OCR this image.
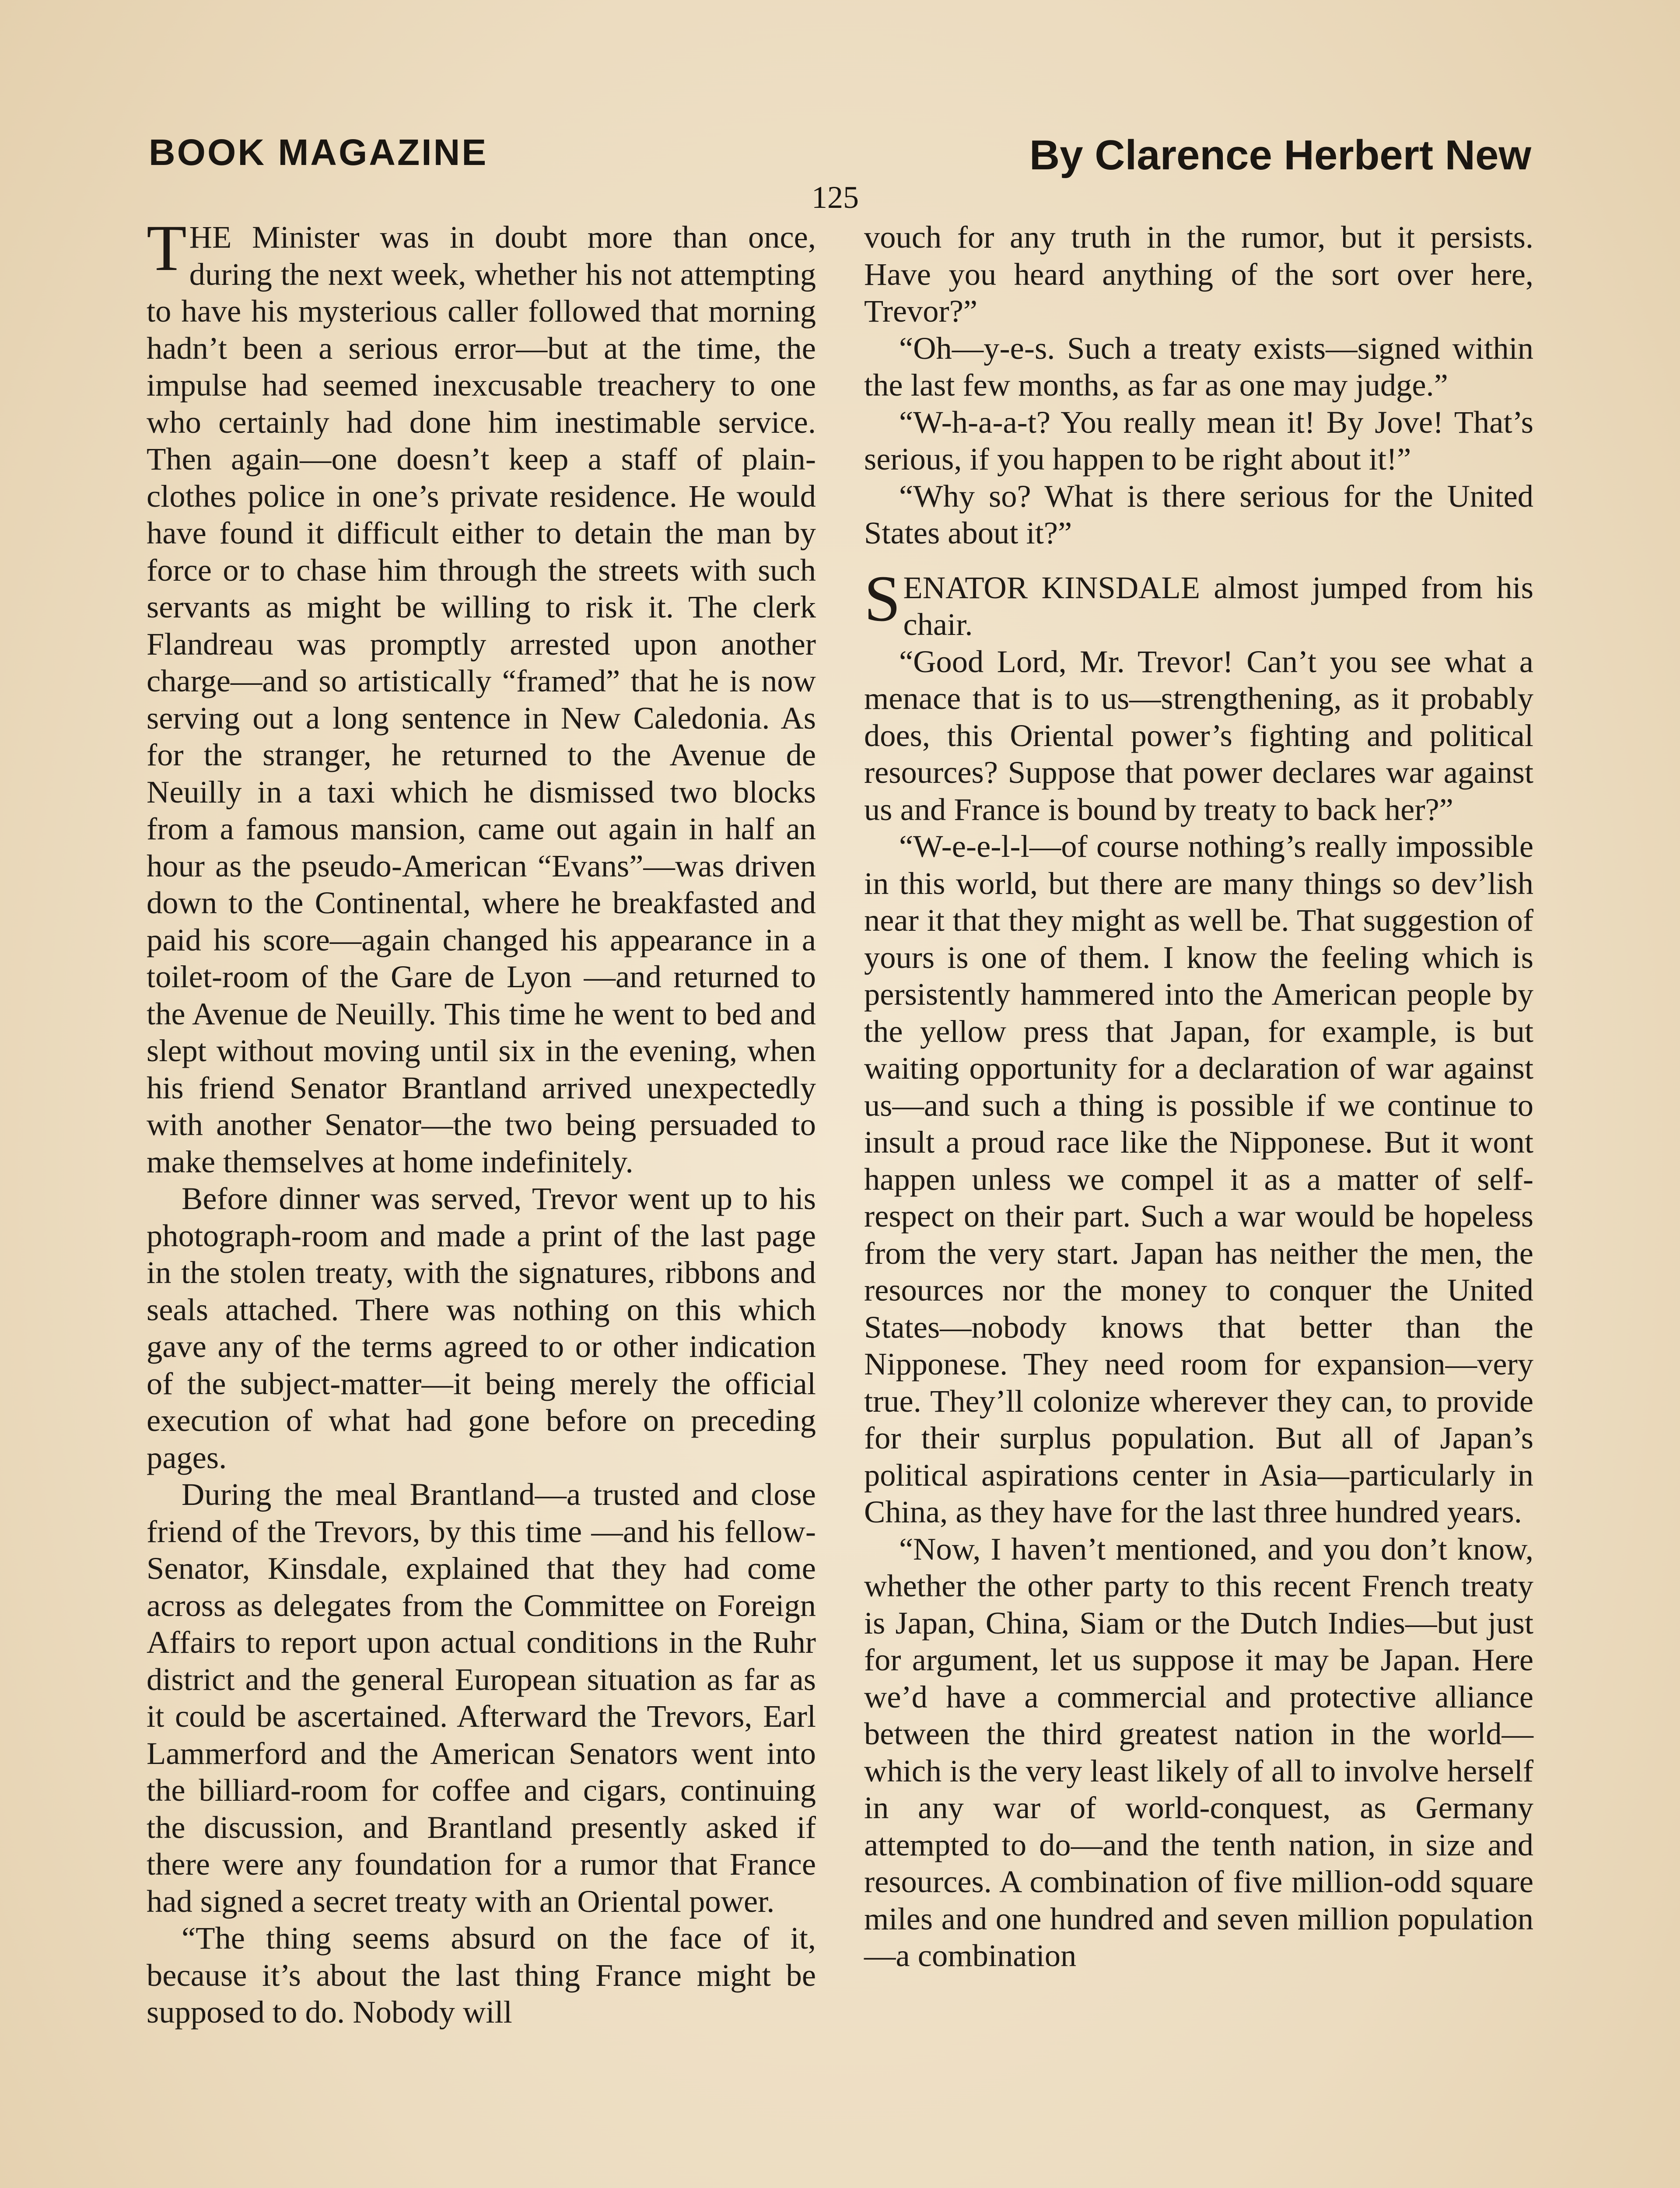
BOOK MAGAZINE	By Clarence Herbert New
125

THE Minister was in doubt more than once, during the next week, whether his not attempting to have his mysterious caller followed that morning hadn’t been a serious error—but at the time, the impulse had seemed inexcusable treachery to one who certainly had done him inestimable service. Then again—one doesn’t keep a staff of plain-clothes police in one’s private residence. He would have found it difficult either to detain the man by force or to chase him through the streets with such servants as might be willing to risk it. The clerk Flandreau was promptly arrested upon another charge—and so artistically “framed” that he is now serving out a long sentence in New Caledonia. As for the stranger, he returned to the Avenue de Neuilly in a taxi which he dismissed two blocks from a famous mansion, came out again in half an hour as the pseudo-American “Evans”—was driven down to the Continental, where he breakfasted and paid his score—again changed his appearance in a toilet-room of the Gare de Lyon —and returned to the Avenue de Neuilly. This time he went to bed and slept without moving until six in the evening, when his friend Senator Brantland arrived unexpectedly with another Senator—the two being persuaded to make themselves at home indefinitely.

Before dinner was served, Trevor went up to his photograph-room and made a print of the last page in the stolen treaty, with the signatures, ribbons and seals attached. There was nothing on this which gave any of the terms agreed to or other indication of the subject-matter—it being merely the official execution of what had gone before on preceding pages.

During the meal Brantland—a trusted and close friend of the Trevors, by this time —and his fellow-Senator, Kinsdale, explained that they had come across as delegates from the Committee on Foreign Affairs to report upon actual conditions in the Ruhr district and the general European situation as far as it could be ascertained. Afterward the Trevors, Earl Lammerford and the American Senators went into the billiard-room for coffee and cigars, continuing the discussion, and Brantland presently asked if there were any foundation for a rumor that France had signed a secret treaty with an Oriental power.

“The thing seems absurd on the face of it, because it’s about the last thing France might be supposed to do. Nobody will

vouch for any truth in the rumor, but it persists. Have you heard anything of the sort over here, Trevor?”

“Oh—y-e-s. Such a treaty exists—signed within the last few months, as far as one may judge.”

“W-h-a-a-t? You really mean it! By Jove! That’s serious, if you happen to be right about it!”

“Why so? What is there serious for the United States about it?”

SENATOR KINSDALE almost jumped from his chair.

“Good Lord, Mr. Trevor! Can’t you see what a menace that is to us—strengthening, as it probably does, this Oriental power’s fighting and political resources? Suppose that power declares war against us and France is bound by treaty to back her?”

“W-e-e-l-l—of course nothing’s really impossible in this world, but there are many things so dev’lish near it that they might as well be. That suggestion of yours is one of them. I know the feeling which is persistently hammered into the American people by the yellow press that Japan, for example, is but waiting opportunity for a declaration of war against us—and such a thing is possible if we continue to insult a proud race like the Nipponese. But it wont happen unless we compel it as a matter of self-respect on their part. Such a war would be hopeless from the very start. Japan has neither the men, the resources nor the money to conquer the United States—nobody knows that better than the Nipponese. They need room for expansion—very true. They’ll colonize wherever they can, to provide for their surplus population. But all of Japan’s political aspirations center in Asia—particularly in China, as they have for the last three hundred years.

“Now, I haven’t mentioned, and you don’t know, whether the other party to this recent French treaty is Japan, China, Siam or the Dutch Indies—but just for argument, let us suppose it may be Japan. Here we’d have a commercial and protective alliance between the third greatest nation in the world—which is the very least likely of all to involve herself in any war of world-conquest, as Germany attempted to do—and the tenth nation, in size and resources. A combination of five million-odd square miles and one hundred and seven million population—a combination
